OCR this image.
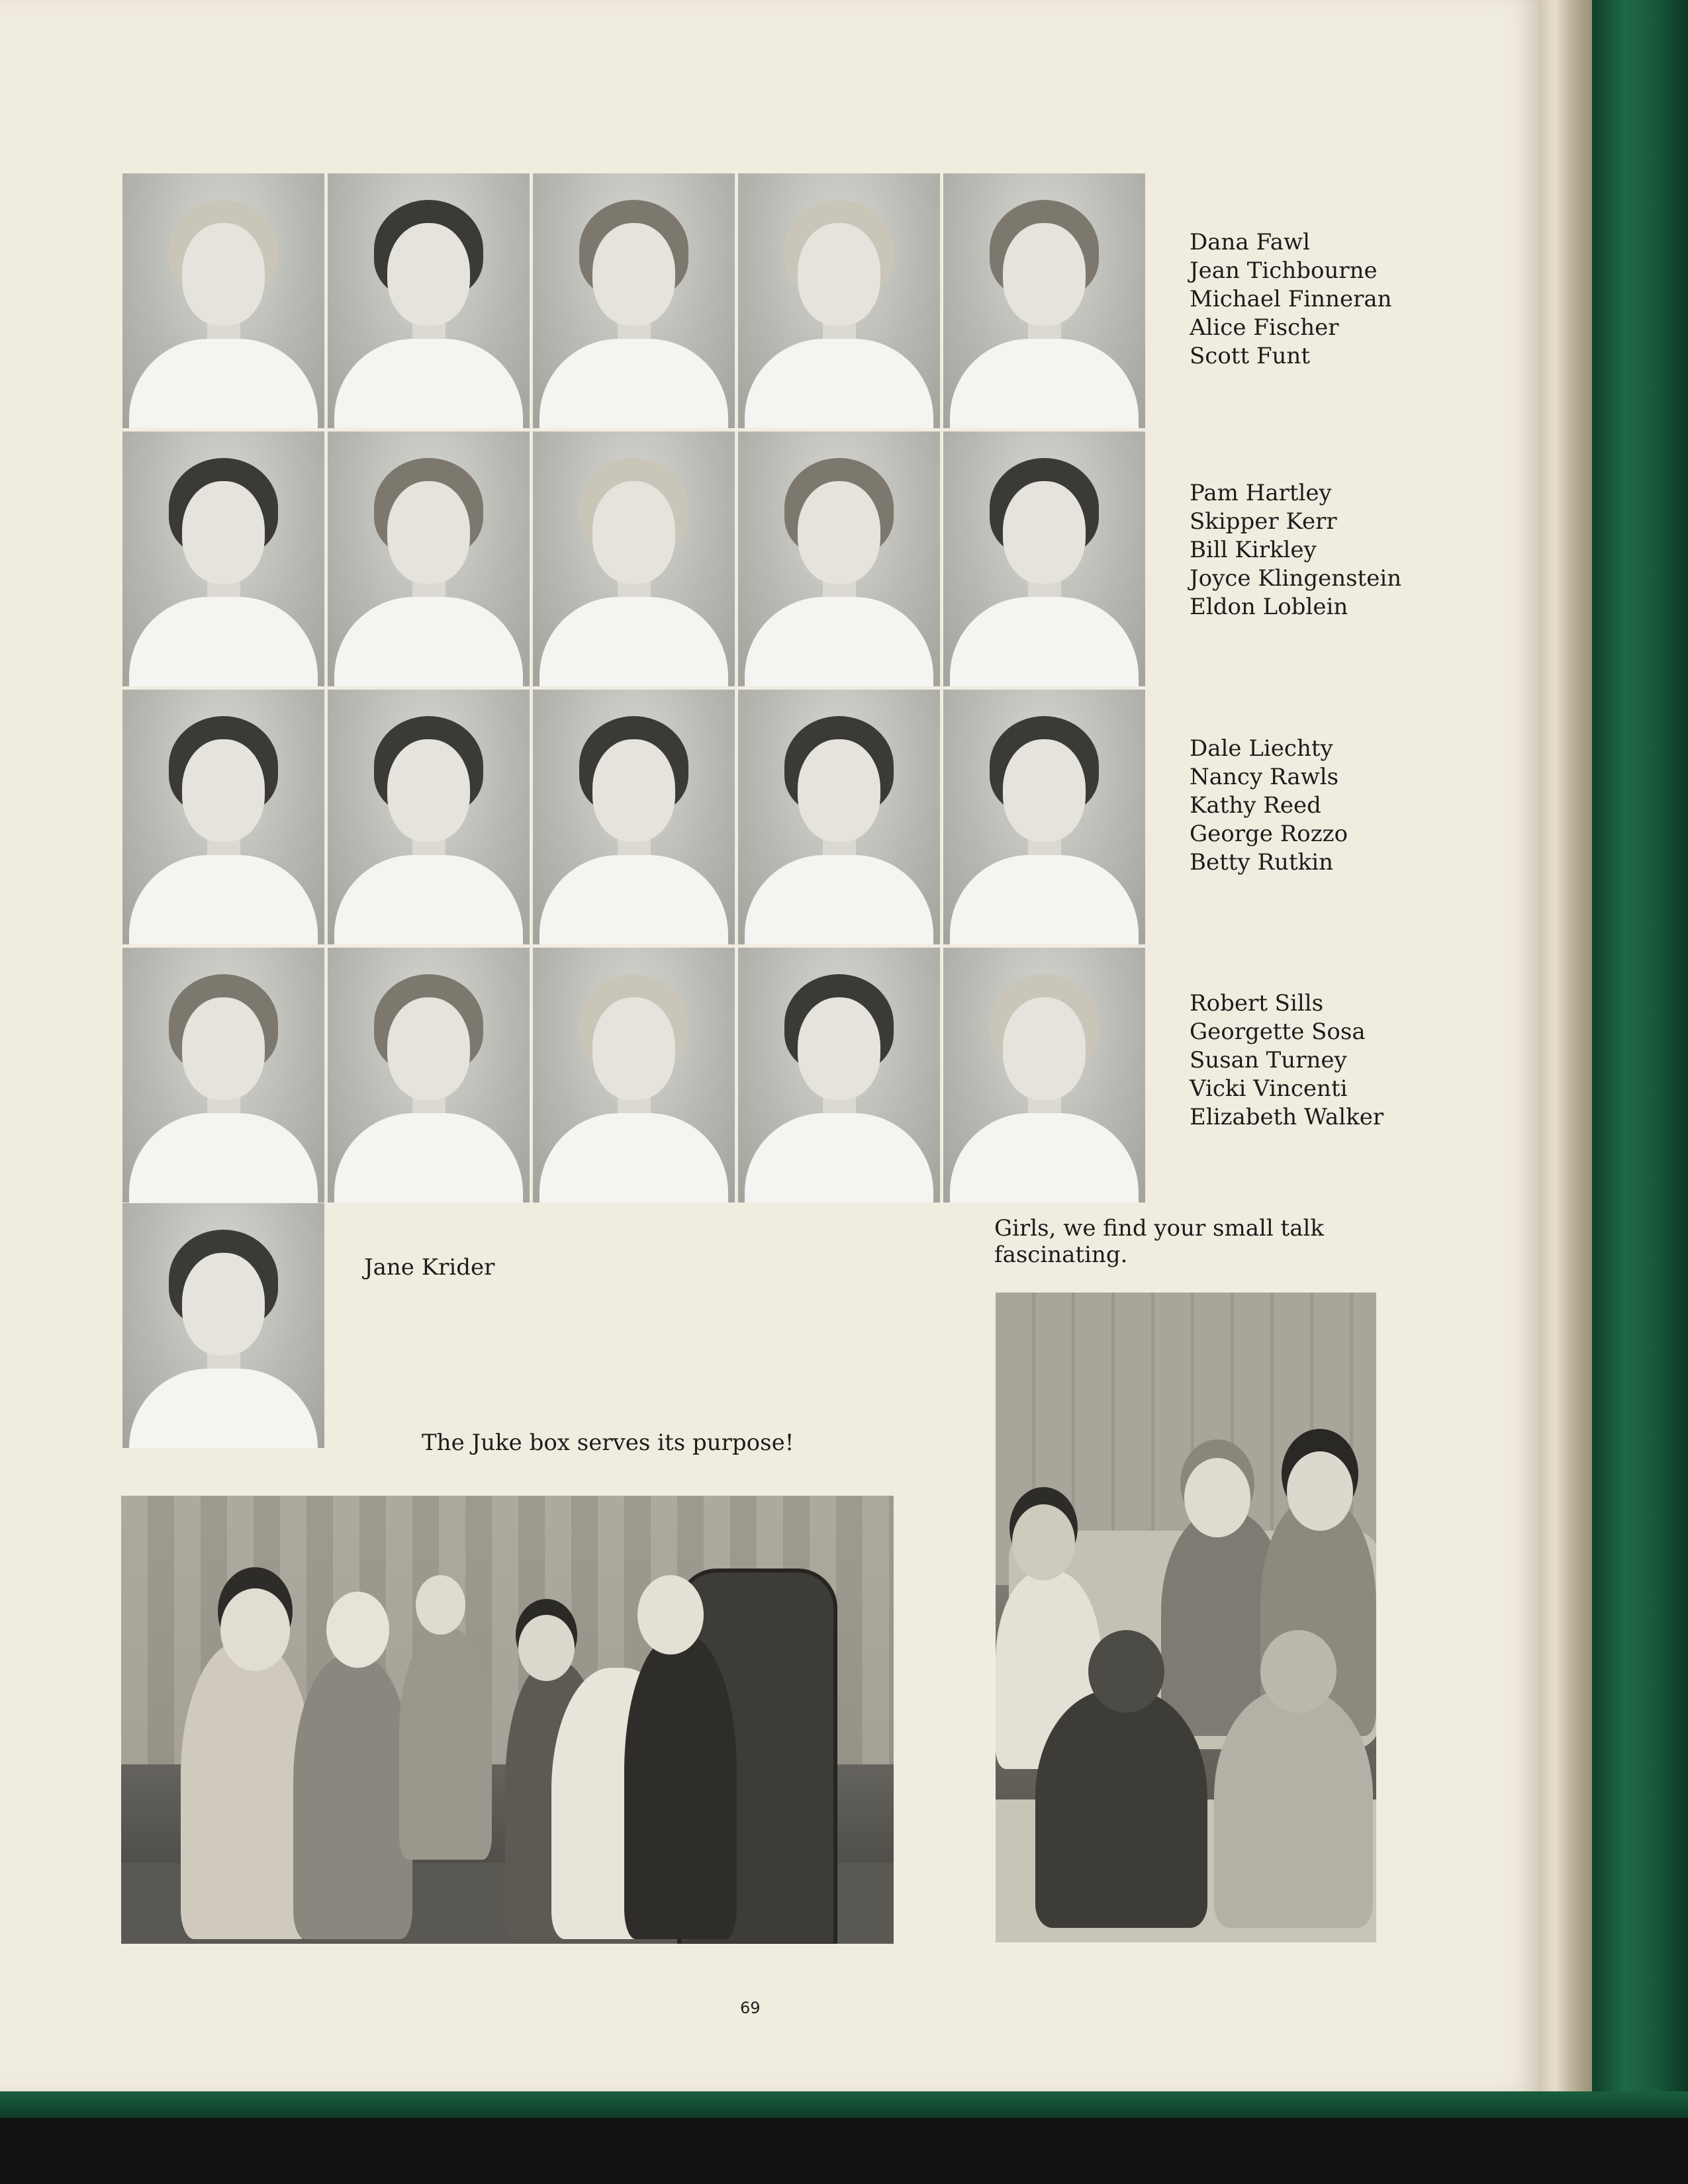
Dana Fawl
Jean Tichbourne
Michael Finneran
Alice Fischer
Scott Funt
Pam Hartley
Skipper Kerr
Bill Kirkley
Joyce Klingenstein
Eldon Loblein
Dale Liechty
Nancy Rawls
Kathy Reed
George Rozzo
Betty Rutkin
Robert Sills
Georgette Sosa
Susan Turney
Vicki Vincenti
Elizabeth Walker
Jane Krider
Girls, we find your small talk
fascinating.
The Juke box serves its purpose!
69
